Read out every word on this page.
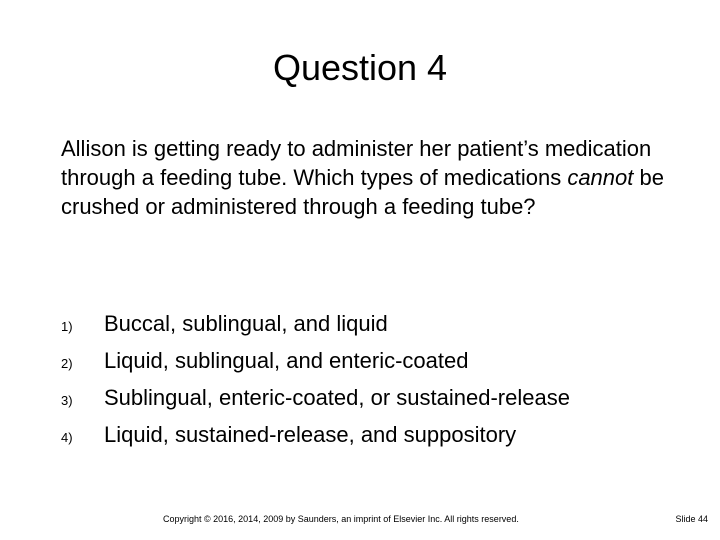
Question 4

Allison is getting ready to administer her patient’s medication through a feeding tube. Which types of medications cannot be crushed or administered through a feeding tube?

1)	Buccal, sublingual, and liquid
2)	Liquid, sublingual, and enteric-coated
3)	Sublingual, enteric-coated, or sustained-release
4)	Liquid, sustained-release, and suppository
Copyright © 2016, 2014, 2009 by Saunders, an imprint of Elsevier Inc. All rights reserved.	Slide 44
